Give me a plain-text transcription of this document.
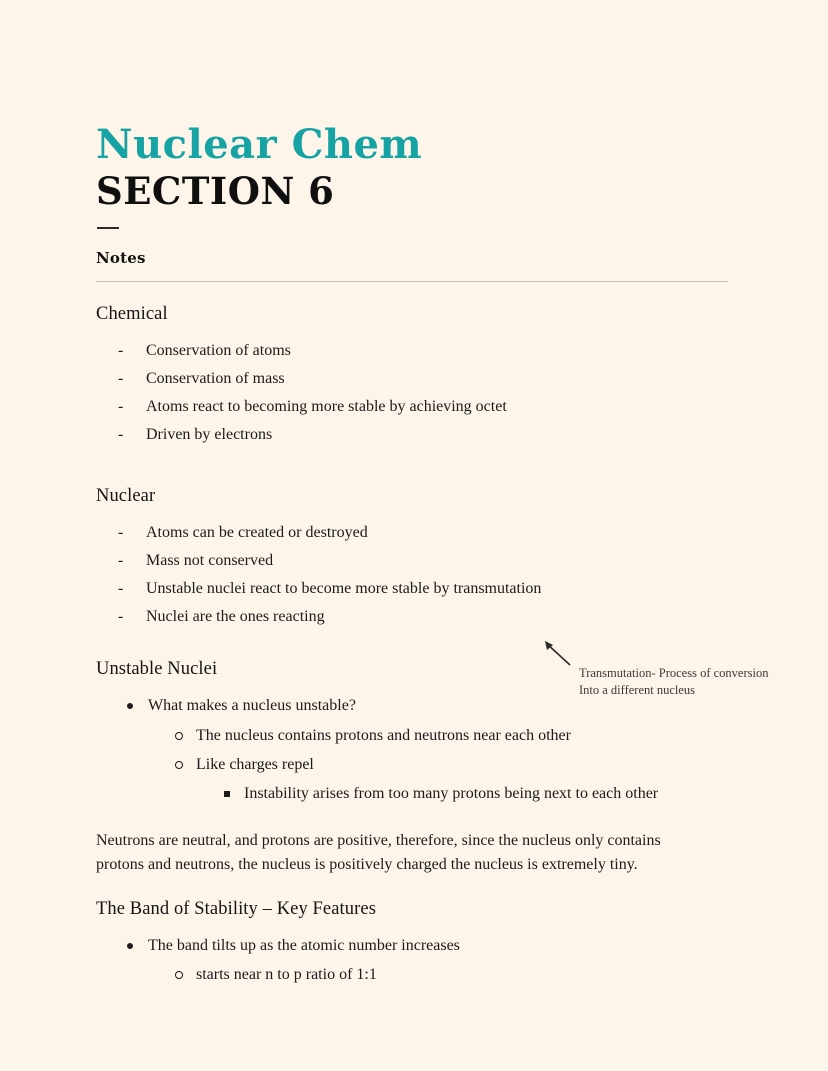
Nuclear Chem
SECTION 6
Notes
Chemical
- Conservation of atoms
- Conservation of mass
- Atoms react to becoming more stable by achieving octet
- Driven by electrons
Nuclear
- Atoms can be created or destroyed
- Mass not conserved
- Unstable nuclei react to become more stable by transmutation
- Nuclei are the ones reacting
Unstable Nuclei
What makes a nucleus unstable?
The nucleus contains protons and neutrons near each other
Like charges repel
Instability arises from too many protons being next to each other

Neutrons are neutral, and protons are positive, therefore, since the nucleus only contains protons and neutrons, the nucleus is positively charged the nucleus is extremely tiny.

The Band of Stability – Key Features
The band tilts up as the atomic number increases
starts near n to p ratio of 1:1
Transmutation- Process of conversion
Into a different nucleus
